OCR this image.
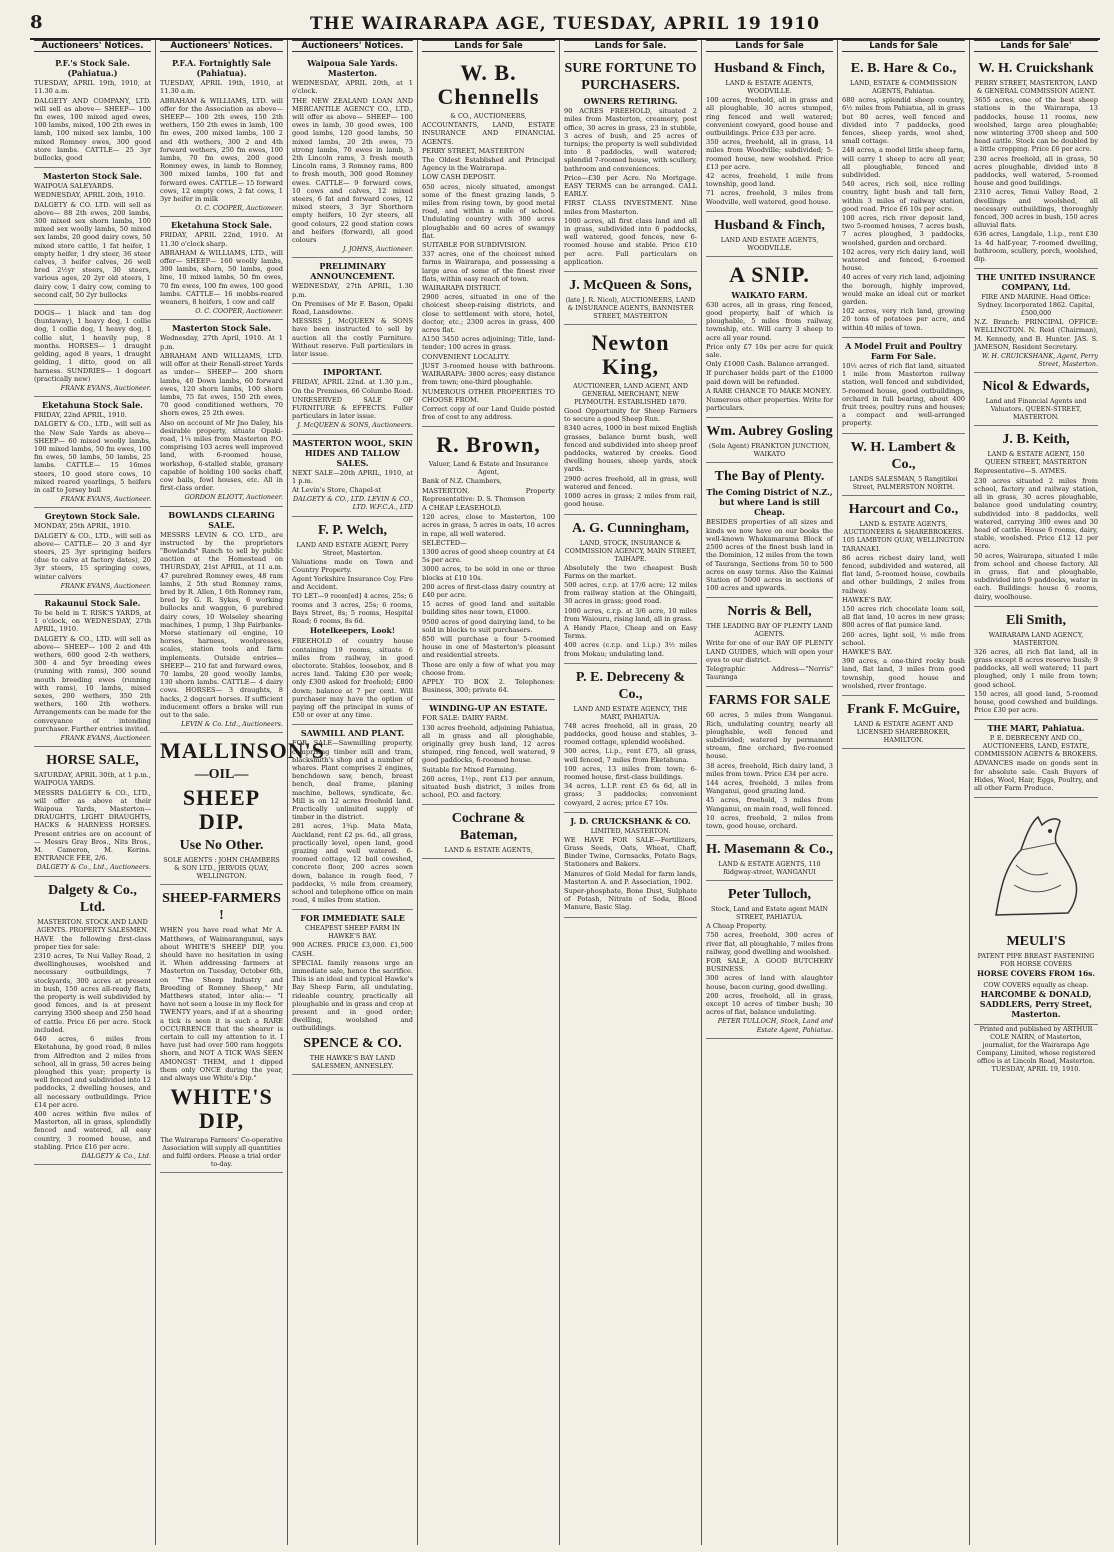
8	THE WAIRARAPA AGE, TUESDAY, APRIL 19 1910
Auctioneers' Notices.
P.F.'s Stock Sale. (Pahiatua.)
TUESDAY, APRIL 19th, 1910, at 11.30 a.m.
DALGETY AND COMPANY, LTD. will sell as above— SHEEP— 100 fm ewes, 100 mixed aged ewes, 100 lambs, mixed, 100 2th ewes in lamb, 100 mixed sex lambs, 100 mixed Romney ewes, 300 good store lambs. CATTLE— 25 3yr bullocks, good
Masterton Stock Sale.
WAIPOUA SALEYARDS.
WEDNESDAY, APRIL 20th, 1910.
DALGETY & CO. LTD. will sell as above— 88 2th ewes, 200 lambs, 300 mixed sex shorn lambs, 100 mixed sex woolly lambs, 50 mixed sex lambs, 20 good dairy cows, 50 mixed store cattle, 1 fat heifer, 1 empty heifer, 1 dry steer, 36 steer calves, 3 heifer calves, 26 well bred 2½yr steers, 30 steers, various ages, 20 2yr old steers, 1 dairy cow, 1 dairy cow, coming to second calf, 50 2yr bullocks
DOGS— 1 black and tan dog (huntaway), 1 heavy dog, 1 collie dog, 1 collie dog, 1 heavy dog, 1 collie slut, 1 heavily pup, 8 months. HORSES— 1 draught gelding, aged 8 years, 1 draught gelding, 1 ditto, good on all harness. SUNDRIES— 1 dogcart (practically new)
FRANK EVANS, Auctioneer.
Eketahuna Stock Sale.
FRIDAY, 22nd APRIL, 1910.
DALGETY & CO., LTD., will sell as the New Sale Yards as above— SHEEP— 60 mixed woolly lambs, 100 mixed lambs, 50 fm ewes, 100 fm ewes, 50 lambs, 50 lambs, 25 lambs. CATTLE— 15 16mos steers, 10 good store cows, 10 mixed reared yearlings, 5 heifers in calf to Jersey bull
FRANK EVANS, Auctioneer.
Greytown Stock Sale.
MONDAY, 25th APRIL, 1910.
DALGETY & CO., LTD., will sell as above— CATTLE— 20 3 and 4yr steers, 25 3yr springing heifers (due to calve at factory dates), 20 3yr steers, 15 springing cows, winter calvers
FRANK EVANS, Auctioneer.
Rakaunui Stock Sale.
To be held in T. RISK'S YARDS, at 1 o'clock, on WEDNESDAY, 27th APRIL, 1910.
DALGETY & CO., LTD. will sell as above— SHEEP— 100 2 and 4th wethers, 600 good 2-th wethers, 300 4 and 5yr breeding ewes (running with rams), 300 sound mouth breeding ewes (running with rams), 10 lambs, mixed sexes, 200 wethers, 350 2th wethers, 160 2th wethers. Arrangements can be made for the conveyance of intending purchaser. Further entries invited.
FRANK EVANS, Auctioneer.
HORSE SALE,
SATURDAY, APRIL 30th, at 1 p.m., WAIPOUA YARDS.
MESSRS DALGETY & CO., LTD., will offer as above at their Waipoua Yards, Masterton— DRAUGHTS, LIGHT DRAUGHTS, HACKS & HARNESS HORSES. Present entries are on account of— Messrs Gray Bros., Nits Bros., M. Cameron, M. Kerins. ENTRANCE FEE, 2/6.
DALGETY & Co., Ltd., Auctioneers.
Dalgety & Co., Ltd.
MASTERTON. STOCK AND LAND AGENTS. PROPERTY SALESMEN.
HAVE the following first-class proper ties for sale:
2310 acres, Te Nui Valley Road, 2 dwellinghouses, woolshed and necessary outbuildings, 7 stockyards, 300 acres at present in bush, 150 acres all-ready flats, the property is well subdivided by good fences, and is at present carrying 3500 sheep and 250 head of cattle. Price £6 per acre. Stock included.
640 acres, 6 miles from Eketahuna, by good road, 8 miles from Alfredton and 2 miles from school, all in grass, 50 acres being ploughed this year; property is well fenced and subdivided into 12 paddocks, 2 dwelling houses, and all necessary outbuildings. Price £14 per acre.
400 acres within five miles of Masterton, all in grass, splendidly fenced and watered, all easy country, 3 roomed house, and stabling. Price £16 per acre.
DALGETY & Co., Ltd.
Auctioneers' Notices.
P.F.A. Fortnightly Sale (Pahiatua).
TUESDAY, APRIL 19th, 1910, at 11.30 a.m.
ABRAHAM & WILLIAMS, LTD. will offer for the Association as above— SHEEP— 100 2th ewes, 150 2th wethers, 150 2th ewes in lamb, 100 fm ewes, 200 mixed lambs, 100 2 and 4th wethers, 300 2 and 4th forward wethers, 250 fm ewes, 100 lambs, 70 fm ewes, 200 good Romney ewes, in lamb to Romney, 300 mixed lambs, 100 fat and forward ewes. CATTLE— 15 forward cows, 12 empty cows, 2 fat cows, 1 3yr heifer in milk
O. C. COOPER, Auctioneer.
Eketahuna Stock Sale.
FRIDAY, APRIL 22nd, 1910. At 11.30 o'clock sharp.
ABRAHAM & WILLIAMS, LTD., will offer— SHEEP— 160 woolly lambs, 300 lambs, shorn, 50 lambs, good line, 10 mixed lambs, 50 fm ewes, 70 fm ewes, 100 fm ewes, 100 good lambs. CATTLE— 16 mobbs-reared weaners, 8 heifers, 1 cow and calf
O. C. COOPER, Auctioneer.
Masterton Stock Sale.
Wednesday, 27th April, 1910. At 1 p.m.
ABRAHAM AND WILLIAMS, LTD. will offer at their Renall-street Yards as under— SHEEP— 200 shorn lambs, 40 Down lambs, 60 forward ewes, 120 shorn lambs, 100 shorn lambs, 75 fat ewes, 150 2th ewes, 70 good conditioned wethers, 70 shorn ewes, 25 2th ewes.
Also on account of Mr Jno Daley, his desirable property, situate Opaki-road, 1¼ miles from Masterton P.O. comprising 103 acres well improved land, with 6-roomed house, workshop, 6-stalled stable, granary capable of holding 100 sacks chaff, cow bails, fowl houses, etc. All in first-class order.
GORDON ELIOTT, Auctioneer.
BOWLANDS CLEARING SALE.
MESSRS LEVIN & CO. LTD., are instructed by the proprietors "Bowlands" Ranch to sell by public auction at the Homestead on THURSDAY, 21st APRIL, at 11 a.m. 47 purebred Romney ewes, 48 ram lambs, 2 5th stud Romney rams, bred by R. Allen, 1 6th Romney ram, bred by G. R. Sykes, 6 working bullocks and waggon, 6 purebred dairy cows, 10 Wolseley shearing machines, 1 pump, 1 3hp Fairbanks-Morse stationary oil engine, 10 horses, harness, woolpresses, scales, station tools and farm implements. Outside entries— SHEEP— 210 fat and forward ewes, 70 lambs, 20 good woolly lambs, 130 shorn lambs. CATTLE— 4 dairy cows. HORSES— 3 draughts, 8 hacks, 2 dogcart horses. If sufficient inducement offers a brake will run out to the sale.
LEVIN & Co. Ltd., Auctioneers.
MALLINSON'S
—OIL—
SHEEP DIP.
Use No Other.
SOLE AGENTS : JOHN CHAMBERS & SON LTD., JERVOIS QUAY, WELLINGTON.
SHEEP-FARMERS !
WHEN you have read what Mr A. Matthews, of Waimarangunui, says about WHITE'S SHEEP DIP, you should have no hesitation in using it. When addressing farmers at Masterton on Tuesday, October 6th, on "The Sheep Industry and Breeding of Romney Sheep," Mr Matthews stated, inter alia:— "I have not seen a louse in my flock for TWENTY years, and if at a shearing a tick is seen it is such a RARE OCCURRENCE that the shearer is certain to call my attention to it. I have just had over 500 ram hoggets shorn, and NOT A TICK WAS SEEN AMONGST THEM, and I dipped them only ONCE during the year, and always use White's Dip."
WHITE'S DIP,
The Wairarapa Farmers' Co-operative Association will supply all quantities and fulfil orders. Please a trial order to-day.
Auctioneers' Notices.
Waipoua Sale Yards. Masterton.
WEDNESDAY, APRIL 20th, at 1 o'clock.
THE NEW ZEALAND LOAN AND MERCANTILE AGENCY CO., LTD., will offer as above— SHEEP— 100 ewes in lamb, 30 good ewes, 100 good lambs, 120 good lambs, 50 mixed lambs, 20 2th ewes, 75 strong lambs, 70 ewes in lamb, 3 2th Lincoln rams, 3 fresh mouth Lincoln rams, 3 Romney rams, 800 to fresh mouth, 300 good Romney ewes. CATTLE— 9 forward cows, 10 cows and calves, 12 mixed steers, 6 fat and forward cows, 12 mixed steers, 3 3yr Shorthorn empty heifers, 10 2yr steers, all good colours, 22 good station cows and heifers (forward), all good colours
J. JOHNS, Auctioneer.
PRELIMINARY ANNOUNCEMENT.
WEDNESDAY, 27th APRIL, 1.30 p.m.
On Premises of Mr F. Bason, Opaki Road, Lansdowne.
MESSRS J. McQUEEN & SONS have been instructed to sell by auction all the costly Furniture. Without reserve. Full particulars in later issue.
IMPORTANT.
FRIDAY, APRIL 22nd. at 1.30 p.m., On the Premises, 66 Columbo Road.
UNRESERVED SALE OF FURNITURE & EFFECTS. Fuller particulars in later issue.
J. McQUEEN & SONS, Auctioneers.
MASTERTON WOOL, SKIN HIDES AND TALLOW SALES.
NEXT SALE—20th APRIL, 1910, at 1 p.m.
At Levin's Store, Chapel-st
DALGETY & CO., LTD. LEVIN & CO., LTD. W.F.C.A., LTD
F. P. Welch,
LAND AND ESTATE AGENT, Perry Street, Masterton.
Valuations made on Town and Country Property.
Agent Yorkshire Insurance Coy. Fire and Accident.
TO LET—9 room[ed] 4 acres, 25s; 6 rooms and 3 acres, 25s; 6 rooms, Bays Street, 8s; 5 rooms, Hospital Road; 6 rooms, 8s 6d.
Hotelkeepers, Look!
FREEHOLD of country house containing 19 rooms, situate 6 miles from railway, in good electorate. Stables, loosebox, and 8 acres land. Taking £30 per week; only £300 asked for freehold; £800 down; balance at 7 per cent. Will purchaser may have the option of paying off the principal in sums of £50 or over at any time.
SAWMILL AND PLANT.
FOR SALE—Sawmilling property, comprising timber mill and tram, blacksmith's shop and a number of whares. Plant comprises 2 engines, benchdown saw, bench, breast bench, deal frame, planing machine, bellows, syndicate, &c. Mill is on 12 acres freehold land. Practically unlimited supply of timber in the district.
281 acres, 1¾p. Mata Mata, Auckland, rent £2 ps. 6d., all grass, practically level, open land, good grazing and well watered. 6-roomed cottage, 12 bail cowshed, concrete floor, 200 acres sown down, balance in rough feed, 7 paddocks, ½ mile from creamery, school and telephone office on main road, 4 miles from station.
FOR IMMEDIATE SALE
CHEAPEST SHEEP FARM IN HAWKE'S BAY.
900 ACRES. PRICE £3,000. £1,500 CASH.
SPECIAL family reasons urge an immediate sale, hence the sacrifice. This is an ideal and typical Hawke's Bay Sheep Farm, all undulating, rideable country, practically all ploughable and in grass and crop at present and in good order; dwelling, woolshed and outbuildings.
SPENCE & CO.
THE HAWKE'S BAY LAND SALESMEN, ANNESLEY.
Lands for Sale
W. B. Chennells
& CO., AUCTIONEERS,
ACCOUNTANTS, LAND, ESTATE INSURANCE AND FINANCIAL AGENTS.
PERRY STREET, MASTERTON
The Oldest Established and Principal Agency in the Wairarapa.
LOW CASH DEPOSIT.
650 acres, nicely situated, amongst some of the finest grazing lands, 5 miles from rising town, by good metal road, and within a mile of school. Undulating country with 300 acres ploughable and 60 acres of swampy flat.
SUITABLE FOR SUBDIVISION.
337 acres, one of the choicest mixed farms in Wairarapa, and possessing a large area of some of the finest river flats, within easy reach of town.
WAIRARAPA DISTRICT.
2900 acres, situated in one of the choicest sheep-raising districts, and close to settlement with store, hotel, doctor, etc.; 2300 acres in grass, 400 acres flat.
A150 3450 acres adjoining; Title, land-tender; 100 acres in grass.
CONVENIENT LOCALITY.
JUST 3-roomed house with bathroom. WAIRARAPA: 3800 acres; easy distance from town; one-third ploughable.
NUMEROUS OTHER PROPERTIES TO CHOOSE FROM.
Correct copy of our Land Guide posted free of cost to any address.
R. Brown,
Valuer, Land & Estate and Insurance Agent,
Bank of N.Z. Chambers,
MASTERTON. Property Representative: D. S. Thomson
A CHEAP LEASEHOLD.
120 acres, close to Masterton, 100 acres in grass, 5 acres in oats, 10 acres in rape, all well watered.
SELECTED—
1300 acres of good sheep country at £4 5s per acre.
3000 acres, to be sold in one or three blocks at £10 10s.
200 acres of first-class dairy country at £40 per acre.
15 acres of good land and suitable building sites near town, £1000.
9500 acres of good dairying land, to be sold in blocks to suit purchasers.
850 will purchase a four 5-roomed house in one of Masterton's pleasant and residential streets.
Those are only a few of what you may choose from.
APPLY TO BOX 2. Telephones: Business, 300; private 64.
WINDING-UP AN ESTATE.
FOR SALE: DAIRY FARM.
130 acres freehold, adjoining Pahiatua, all in grass and all ploughable, originally grey bush land, 12 acres stumped, ring fenced, well watered, 9 good paddocks, 6-roomed house.
Suitable for Mixed Farming.
260 acres, 1½p., rent £13 per annum, situated bush district, 3 miles from school, P.O. and factory.
Cochrane & Bateman,
LAND & ESTATE AGENTS,
Lands for Sale.
SURE FORTUNE TO PURCHASERS.
OWNERS RETIRING.
90 ACRES FREEHOLD, situated 2 miles from Masterton, creamery, post office, 30 acres in grass, 23 in stubble, 3 acres of bush, and 25 acres of turnips; the property is well subdivided into 8 paddocks, well watered; splendid 7-roomed house, with scullery, bathroom and conveniences.
Price—£30 per Acre. No Mortgage. EASY TERMS can be arranged. CALL EARLY.
FIRST CLASS INVESTMENT. Nine miles from Masterton.
1000 acres, all first class land and all in grass, subdivided into 6 paddocks, well watered, good fences, new 6-roomed house and stable. Price £10 per acre. Full particulars on application.
J. McQueen & Sons,
(late J. R. Nicol), AUCTIONEERS, LAND & INSURANCE AGENTS, BANNISTER STREET, MASTERTON
Newton King,
AUCTIONEER, LAND AGENT, AND GENERAL MERCHANT, NEW PLYMOUTH. ESTABLISHED 1879.
Good Opportunity for Sheep Farmers to secure a good Sheep Run.
8340 acres, 1000 in best mixed English grasses, balance burnt bush, well fenced and subdivided into sheep proof paddocks, watered by creeks. Good dwelling houses, sheep yards, stock yards.
2900 acres freehold, all in grass, well watered and fenced.
1000 acres in grass; 2 miles from rail, good house.
A. G. Cunningham,
LAND, STOCK, INSURANCE & COMMISSION AGENCY, MAIN STREET, TAIHAPE.
Absolutely the two cheapest Bush Farms on the market.
500 acres, c.r.p. at 17/6 acre; 12 miles from railway station at the Ohingaiti, 30 acres in grass; good road.
1000 acres, c.r.p. at 3/6 acre, 10 miles from Waiouru, rising land, all in grass.
A Handy Place, Cheap and on Easy Terms.
400 acres (c.r.p. and l.i.p.) 3½ miles from Mokau; undulating land.
P. E. Debreceny & Co.,
LAND AND ESTATE AGENCY, THE MART, PAHIATUA.
748 acres freehold, all in grass, 20 paddocks, good house and stables, 3-roomed cottage, splendid woolshed.
300 acres, l.i.p., rent £75, all grass, well fenced, 7 miles from Eketahuna.
100 acres, 13 miles from town; 6-roomed house, first-class buildings.
34 acres, L.I.P. rent £5 6s 6d, all in grass; 3 paddocks; convenient cowyard, 2 acres; price £7 10s.
J. D. CRUICKSHANK & CO.
LIMITED, MASTERTON.
WE HAVE FOR SALE—Fertilizers, Grass Seeds, Oats, Wheat, Chaff, Binder Twine, Cornsacks, Potato Bags, Stationers and Bakers.
Manures of Gold Medal for farm lands, Masterton A. and P. Association, 1902.
Super-phosphate, Bone Dust, Sulphate of Potash, Nitrate of Soda, Blood Manure, Basic Slag.
Lands for Sale
Husband & Finch,
LAND & ESTATE AGENTS, WOODVILLE.
100 acres, freehold, all in grass and all ploughable, 30 acres stumped, ring fenced and well watered; convenient cowyard, good house and outbuildings. Price £33 per acre.
350 acres, freehold, all in grass, 14 miles from Woodville; subdivided; 5-roomed house, new woolshed. Price £13 per acre.
42 acres, freehold, 1 mile from township, good land.
71 acres, freehold, 3 miles from Woodville, well watered, good house.
Husband & Finch,
LAND AND ESTATE AGENTS, WOODVILLE.
A SNIP.
WAIKATO FARM.
630 acres, all in grass, ring fenced, good property, half of which is ploughable, 5 miles from railway, township, etc. Will carry 3 sheep to acre all year round.
Price only £7 10s per acre for quick sale.
Only £1000 Cash. Balance arranged.
If purchaser holds part of the £1000 paid down will be refunded.
A RARE CHANCE TO MAKE MONEY.
Numerous other properties. Write for particulars.
Wm. Aubrey Gosling
(Sole Agent) FRANKTON JUNCTION, WAIKATO
The Bay of Plenty.
The Coming District of N.Z., but where Land is still Cheap.
BESIDES properties of all sizes and kinds we now have on our books the well-known Whakamarama Block of 2500 acres of the finest bush land in the Dominion, 12 miles from the town of Tauranga, Sections from 50 to 500 acres on easy terms. Also the Kaimai Station of 5000 acres in sections of 100 acres and upwards.
Norris & Bell,
THE LEADING BAY OF PLENTY LAND AGENTS.
Write for one of our BAY OF PLENTY LAND GUIDES, which will open your eyes to our district.
Telegraphic Address—"Norris" Tauranga
FARMS FOR SALE
60 acres, 5 miles from Wanganui. Rich, undulating country, nearly all ploughable, well fenced and subdivided; watered by permanent stream, fine orchard, five-roomed house.
38 acres, freehold, Rich dairy land, 3 miles from town. Price £34 per acre.
144 acres, freehold, 3 miles from Wanganui, good grazing land.
45 acres, freehold, 3 miles from Wanganui, on main road, well fenced.
10 acres, freehold, 2 miles from town, good house, orchard.
H. Masemann & Co.,
LAND & ESTATE AGENTS, 110 Ridgway-street, WANGANUI
Peter Tulloch,
Stock, Land and Estate agent MAIN STREET, PAHIATUA.
A Cheap Property.
750 acres, freehold, 300 acres of river flat, all ploughable, 7 miles from railway, good dwelling and woolshed.
FOR SALE, A GOOD BUTCHERY BUSINESS.
300 acres of land with slaughter house, bacon curing, good dwelling.
200 acres, freehold, all in grass, except 10 acres of timber bush; 30 acres of flat, balance undulating.
PETER TULLOCH, Stock, Land and Estate Agent, Pahiatua.
Lands for Sale
E. B. Hare & Co.,
LAND, ESTATE & COMMISSION AGENTS, Pahiatua.
680 acres, splendid sheep country, 6½ miles from Pahiatua, all in grass but 80 acres, well fenced and divided into 7 paddocks, good fences, sheep yards, wool shed, small cottage.
248 acres, a model little sheep farm, will carry 1 sheep to acre all year, all ploughable, fenced and subdivided.
540 acres, rich soil, nice rolling country, light bush and tall fern, within 3 miles of railway station, good road. Price £6 10s per acre.
100 acres, rich river deposit land, two 5-roomed houses, 7 acres bush, 7 acres ploughed, 3 paddocks, woolshed, garden and orchard.
102 acres, very rich dairy land, well watered and fenced, 6-roomed house.
40 acres of very rich land, adjoining the borough, highly improved, would make an ideal cut or market garden.
102 acres, very rich land, growing 20 tons of potatoes per acre, and within 40 miles of town.
A Model Fruit and Poultry Farm For Sale.
10½ acres of rich flat land, situated 1 mile from Masterton railway station, well fenced and subdivided, 5-roomed house, good outbuildings, orchard in full bearing, about 400 fruit trees, poultry runs and houses; a compact and well-arranged property.
W. H. Lambert & Co.,
LANDS SALESMAN, 5 Rangitikei Street, PALMERSTON NORTH.
Harcourt and Co.,
LAND & ESTATE AGENTS, AUCTIONEERS & SHAREBROKERS. 105 LAMBTON QUAY, WELLINGTON
TARANAKI.
86 acres richest dairy land, well fenced, subdivided and watered, all flat land, 5-roomed house, cowbails and other buildings, 2 miles from railway.
HAWKE'S BAY.
150 acres rich chocolate loam soil, all flat land, 10 acres in new grass; 800 acres of flat pumice land.
260 acres, light soil, ½ mile from school.
HAWKE'S BAY.
390 acres, a one-third rocky bush land, flat land, 3 miles from good township, good house and woolshed, river frontage.
Frank F. McGuire,
LAND & ESTATE AGENT AND LICENSED SHAREBROKER, HAMILTON.
Lands for Sale'
W. H. Cruickshank
PERRY STREET, MASTERTON, LAND & GENERAL COMMISSION AGENT.
3655 acres, one of the best sheep stations in the Wairarapa, 13 paddocks, house 11 rooms, new woolshed, large area ploughable; now wintering 3700 sheep and 500 head cattle. Stock can be doubled by a little cropping. Price £6 per acre.
230 acres freehold, all in grass, 50 acres ploughable, divided into 8 paddocks, well watered, 5-roomed house and good buildings.
2310 acres, Tenui Valley Road, 2 dwellings and woolshed, all necessary outbuildings, thoroughly fenced, 300 acres in bush, 150 acres alluvial flats.
636 acres, Langdale, 1.i.p., rent £30 1s 4d half-year, 7-roomed dwelling, bathroom, scullery, porch, woolshed, dip.
THE UNITED INSURANCE COMPANY, Ltd.
FIRE AND MARINE. Head Office: Sydney. Incorporated 1862. Capital, £500,000
N.Z. Branch: PRINCIPAL OFFICE: WELLINGTON. N. Reid (Chairman), M. Kennedy, and B. Hunter. JAS. S. JAMESON, Resident Secretary.
W. H. CRUICKSHANK, Agent, Perry Street, Masterton.
Nicol & Edwards,
Land and Financial Agents and Valuators. QUEEN-STREET, MASTERTON.
J. B. Keith,
LAND & ESTATE AGENT, 150 QUEEN STREET, MASTERTON
Representative—S. AYMES.
230 acres situated 2 miles from school, factory and railway station, all in grass, 30 acres ploughable, balance good undulating country, subdivided into 8 paddocks, well watered, carrying 300 ewes and 30 head of cattle. House 6 rooms, dairy, stable, woolshed. Price £12 12 per acre.
50 acres, Wairarapa, situated 1 mile from school and cheese factory. All in grass, flat and ploughable, subdivided into 9 paddocks, water in each. Buildings: house 6 rooms, dairy, woolhouse.
Eli Smith,
WAIRARAPA LAND AGENCY, MASTERTON.
326 acres, all rich flat land, all in grass except 8 acres reserve bush; 9 paddocks, all well watered; 11 part ploughed, only 1 mile from town; good school.
150 acres, all good land, 5-roomed house, good cowshed and buildings. Price £30 per acre.
THE MART, Pahiatua.
P. E. DEBRECENY AND CO., AUCTIONEERS, LAND, ESTATE, COMMISSION AGENTS & BROKERS.
ADVANCES made on goods sent in for absolute sale. Cash Buyers of Hides, Wool, Hair, Eggs, Poultry, and all other Farm Produce.
MEULI'S
PATENT PIPE BREAST FASTENING FOR HORSE COVERS
HORSE COVERS FROM 16s.
COW COVERS equally as cheap.
HARCOMBE & DONALD, SADDLERS, Perry Street, Masterton.
Printed and published by ARTHUR COLE NAIRN, of Masterton, journalist, for the Wairarapa Age Company, Limited, whose registered office is at Lincoln Road, Masterton. TUESDAY, APRIL 19, 1910.
